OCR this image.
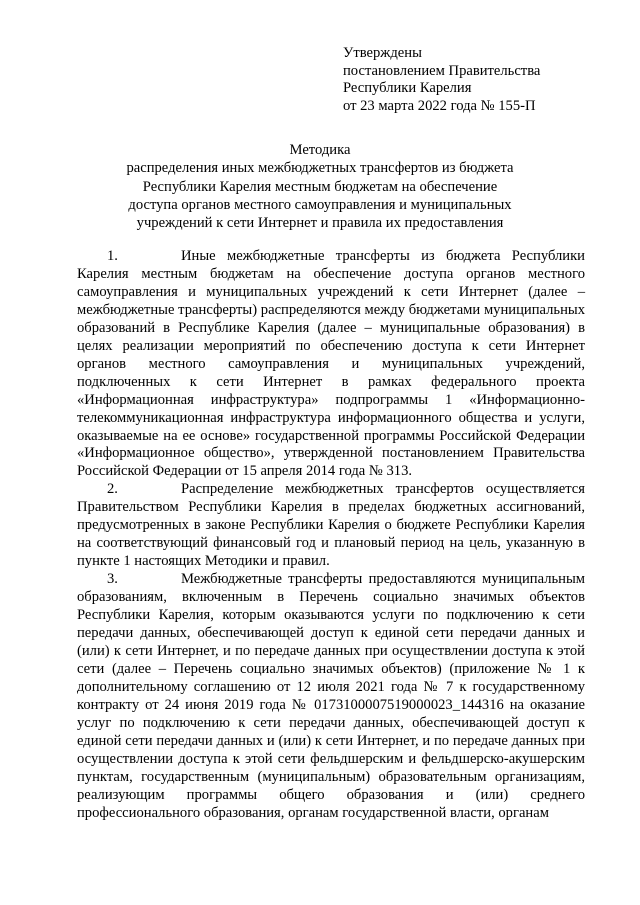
Утверждены
постановлением Правительства
Республики Карелия
от 23 марта 2022 года № 155-П
Методика
распределения иных межбюджетных трансфертов из бюджета
Республики Карелия местным бюджетам на обеспечение
доступа органов местного самоуправления и муниципальных
учреждений к сети Интернет и правила их предоставления

1.	Иные межбюджетные трансферты из бюджета Республики Карелия местным бюджетам на обеспечение доступа органов местного самоуправления и муниципальных учреждений к сети Интернет (далее – межбюджетные трансферты) распределяются между бюджетами муниципальных образований в Республике Карелия (далее – муниципальные образования) в целях реализации мероприятий по обеспечению доступа к сети Интернет органов местного самоуправления и муниципальных учреждений, подключенных к сети Интернет в рамках федерального проекта «Информационная инфраструктура» подпрограммы 1 «Информационно-телекоммуникационная инфраструктура информационного общества и услуги, оказываемые на ее основе» государственной программы Российской Федерации «Информационное общество», утвержденной постановлением Правительства Российской Федерации от 15 апреля 2014 года № 313.

2.	Распределение межбюджетных трансфертов осуществляется Правительством Республики Карелия в пределах бюджетных ассигнований, предусмотренных в законе Республики Карелия о бюджете Республики Карелия на соответствующий финансовый год и плановый период на цель, указанную в пункте 1 настоящих Методики и правил.

3.	Межбюджетные трансферты предоставляются муниципальным образованиям, включенным в Перечень социально значимых объектов Республики Карелия, которым оказываются услуги по подключению к сети передачи данных, обеспечивающей доступ к единой сети передачи данных и (или) к сети Интернет, и по передаче данных при осуществлении доступа к этой сети (далее – Перечень социально значимых объектов) (приложение № 1 к дополнительному соглашению от 12 июля 2021 года № 7 к государственному контракту от 24 июня 2019 года № 0173100007519000023_144316 на оказание услуг по подключению к сети передачи данных, обеспечивающей доступ к единой сети передачи данных и (или) к сети Интернет, и по передаче данных при осуществлении доступа к этой сети фельдшерским и фельдшерско-акушерским пунктам, государственным (муниципальным) образовательным организациям, реализующим программы общего образования и (или) среднего профессионального образования, органам государственной власти, органам
